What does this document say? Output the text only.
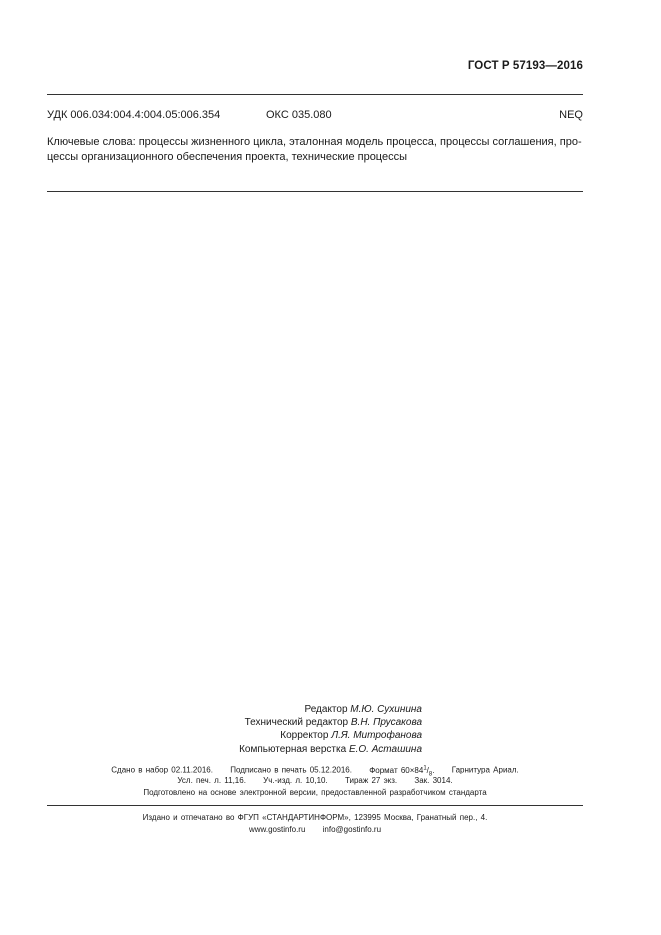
ГОСТ Р 57193—2016
УДК 006.034:004.4:004.05:006.354	ОКС 035.080	NEQ
Ключевые слова: процессы жизненного цикла, эталонная модель процесса, процессы соглашения, про-
цессы организационного обеспечения проекта, технические процессы
Редактор М.Ю. Сухинина
Технический редактор В.Н. Прусакова
Корректор Л.Я. Митрофанова
Компьютерная верстка Е.О. Асташина
Сдано в набор 02.11.2016. Подписано в печать 05.12.2016. Формат $60\times 84^1/_8$. Гарнитура Ариал.
Усл. печ. л. 11,16. Уч.-изд. л. 10,10. Тираж 27 экз. Зак. 3014.
Подготовлено на основе электронной версии, предоставленной разработчиком стандарта
Издано и отпечатано во ФГУП «СТАНДАРТИНФОРМ», 123995 Москва, Гранатный пер., 4.
www.gostinfo.ru info@gostinfo.ru
